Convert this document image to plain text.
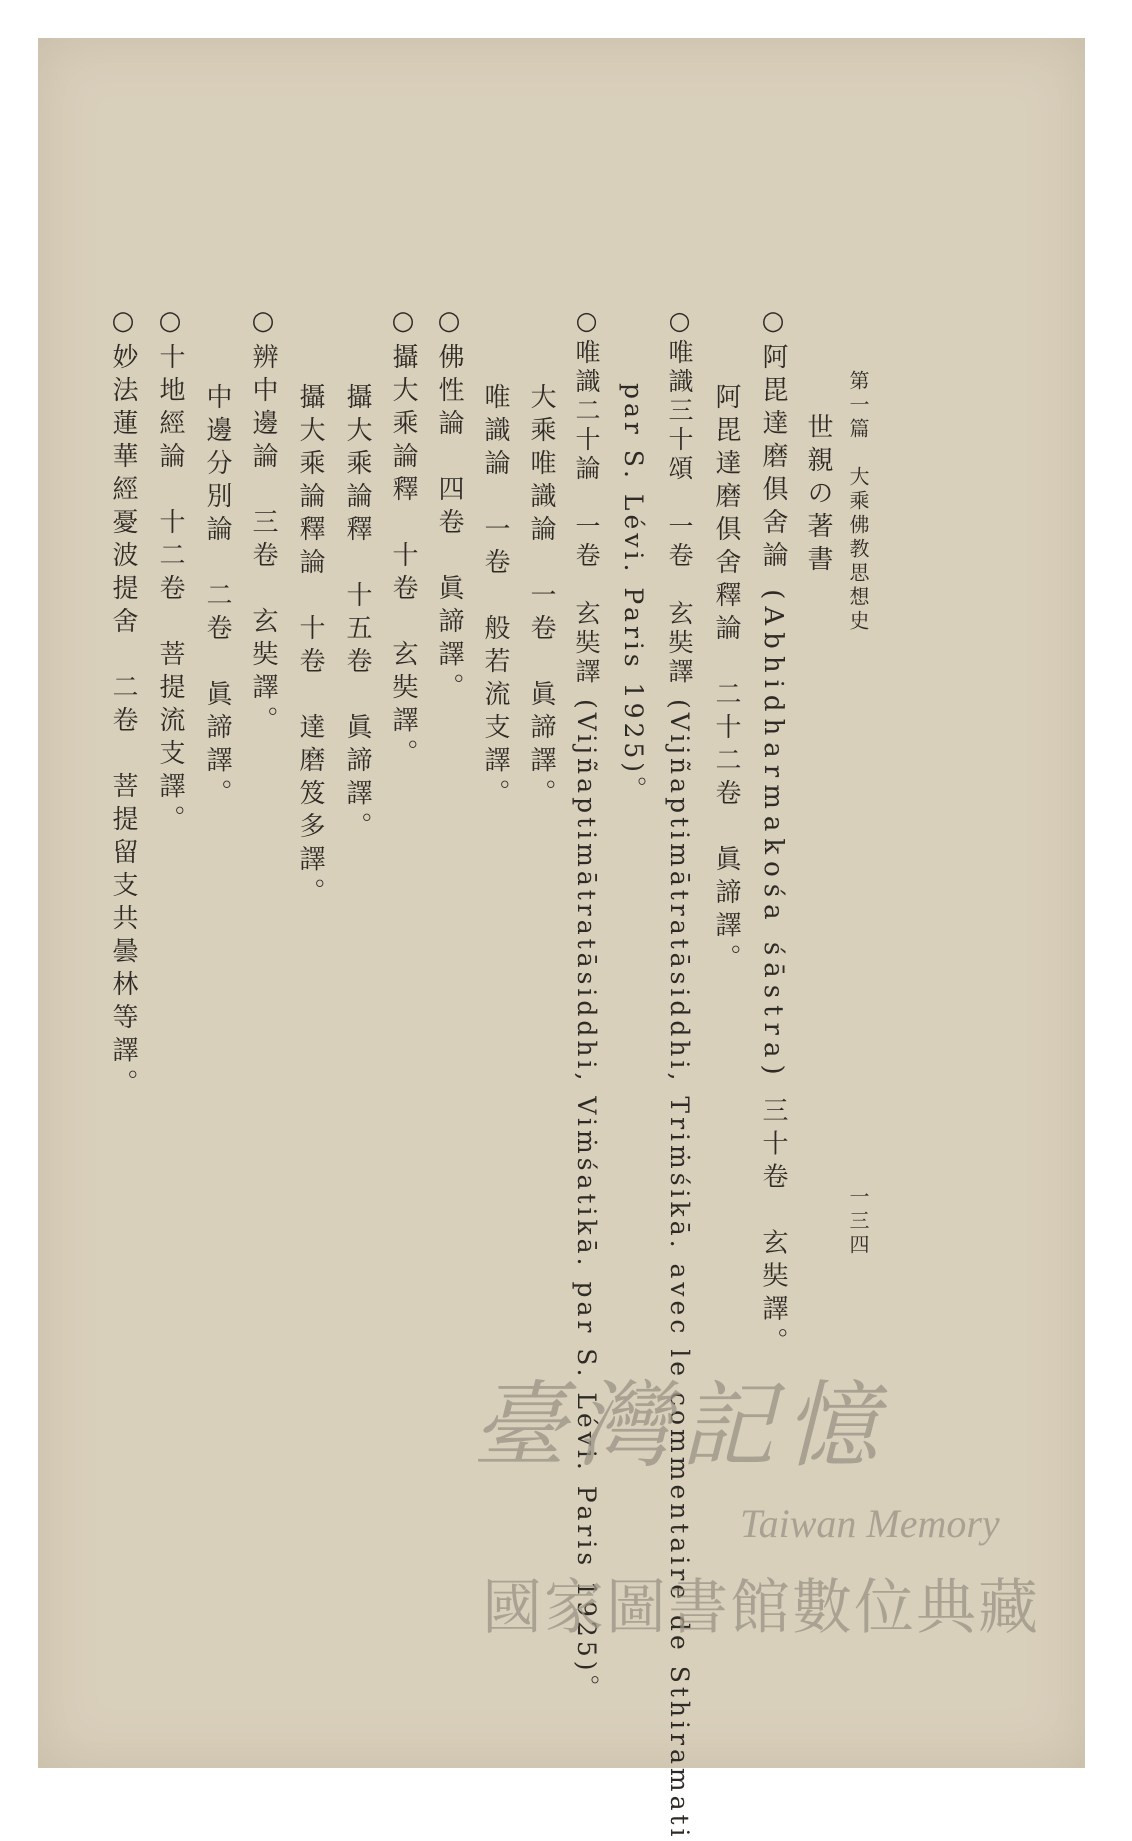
第一篇　大乘佛教思想史
一三四
世親の著書
○阿毘達磨俱舍論 (Abhidharmakośa śāstra) 三十卷　玄奘譯。
阿毘達磨俱舍釋論　二十二卷　眞諦譯。
○唯識三十頌　一卷　玄奘譯 (Vijñaptimātratāsiddhi, Triṁśikā. avec le commentaire de Sthiramati
par S. Lévi. Paris 1925)。
○唯識二十論　一卷　玄奘譯 (Vijñaptimātratāsiddhi, Viṁśatikā. par S. Lévi. Paris 1925)。
大乘唯識論　一卷　眞諦譯。
唯識論　一卷　般若流支譯。
○佛性論　四卷　眞諦譯。
○攝大乘論釋　十卷　玄奘譯。
攝大乘論釋　十五卷　眞諦譯。
攝大乘論釋論　十卷　達磨笈多譯。
○辨中邊論　三卷　玄奘譯。
中邊分別論　二卷　眞諦譯。
○十地經論　十二卷　菩提流支譯。
○妙法蓮華經憂波提舍　二卷　菩提留支共曇林等譯。
臺灣記憶
Taiwan Memory
國家圖書館數位典藏
